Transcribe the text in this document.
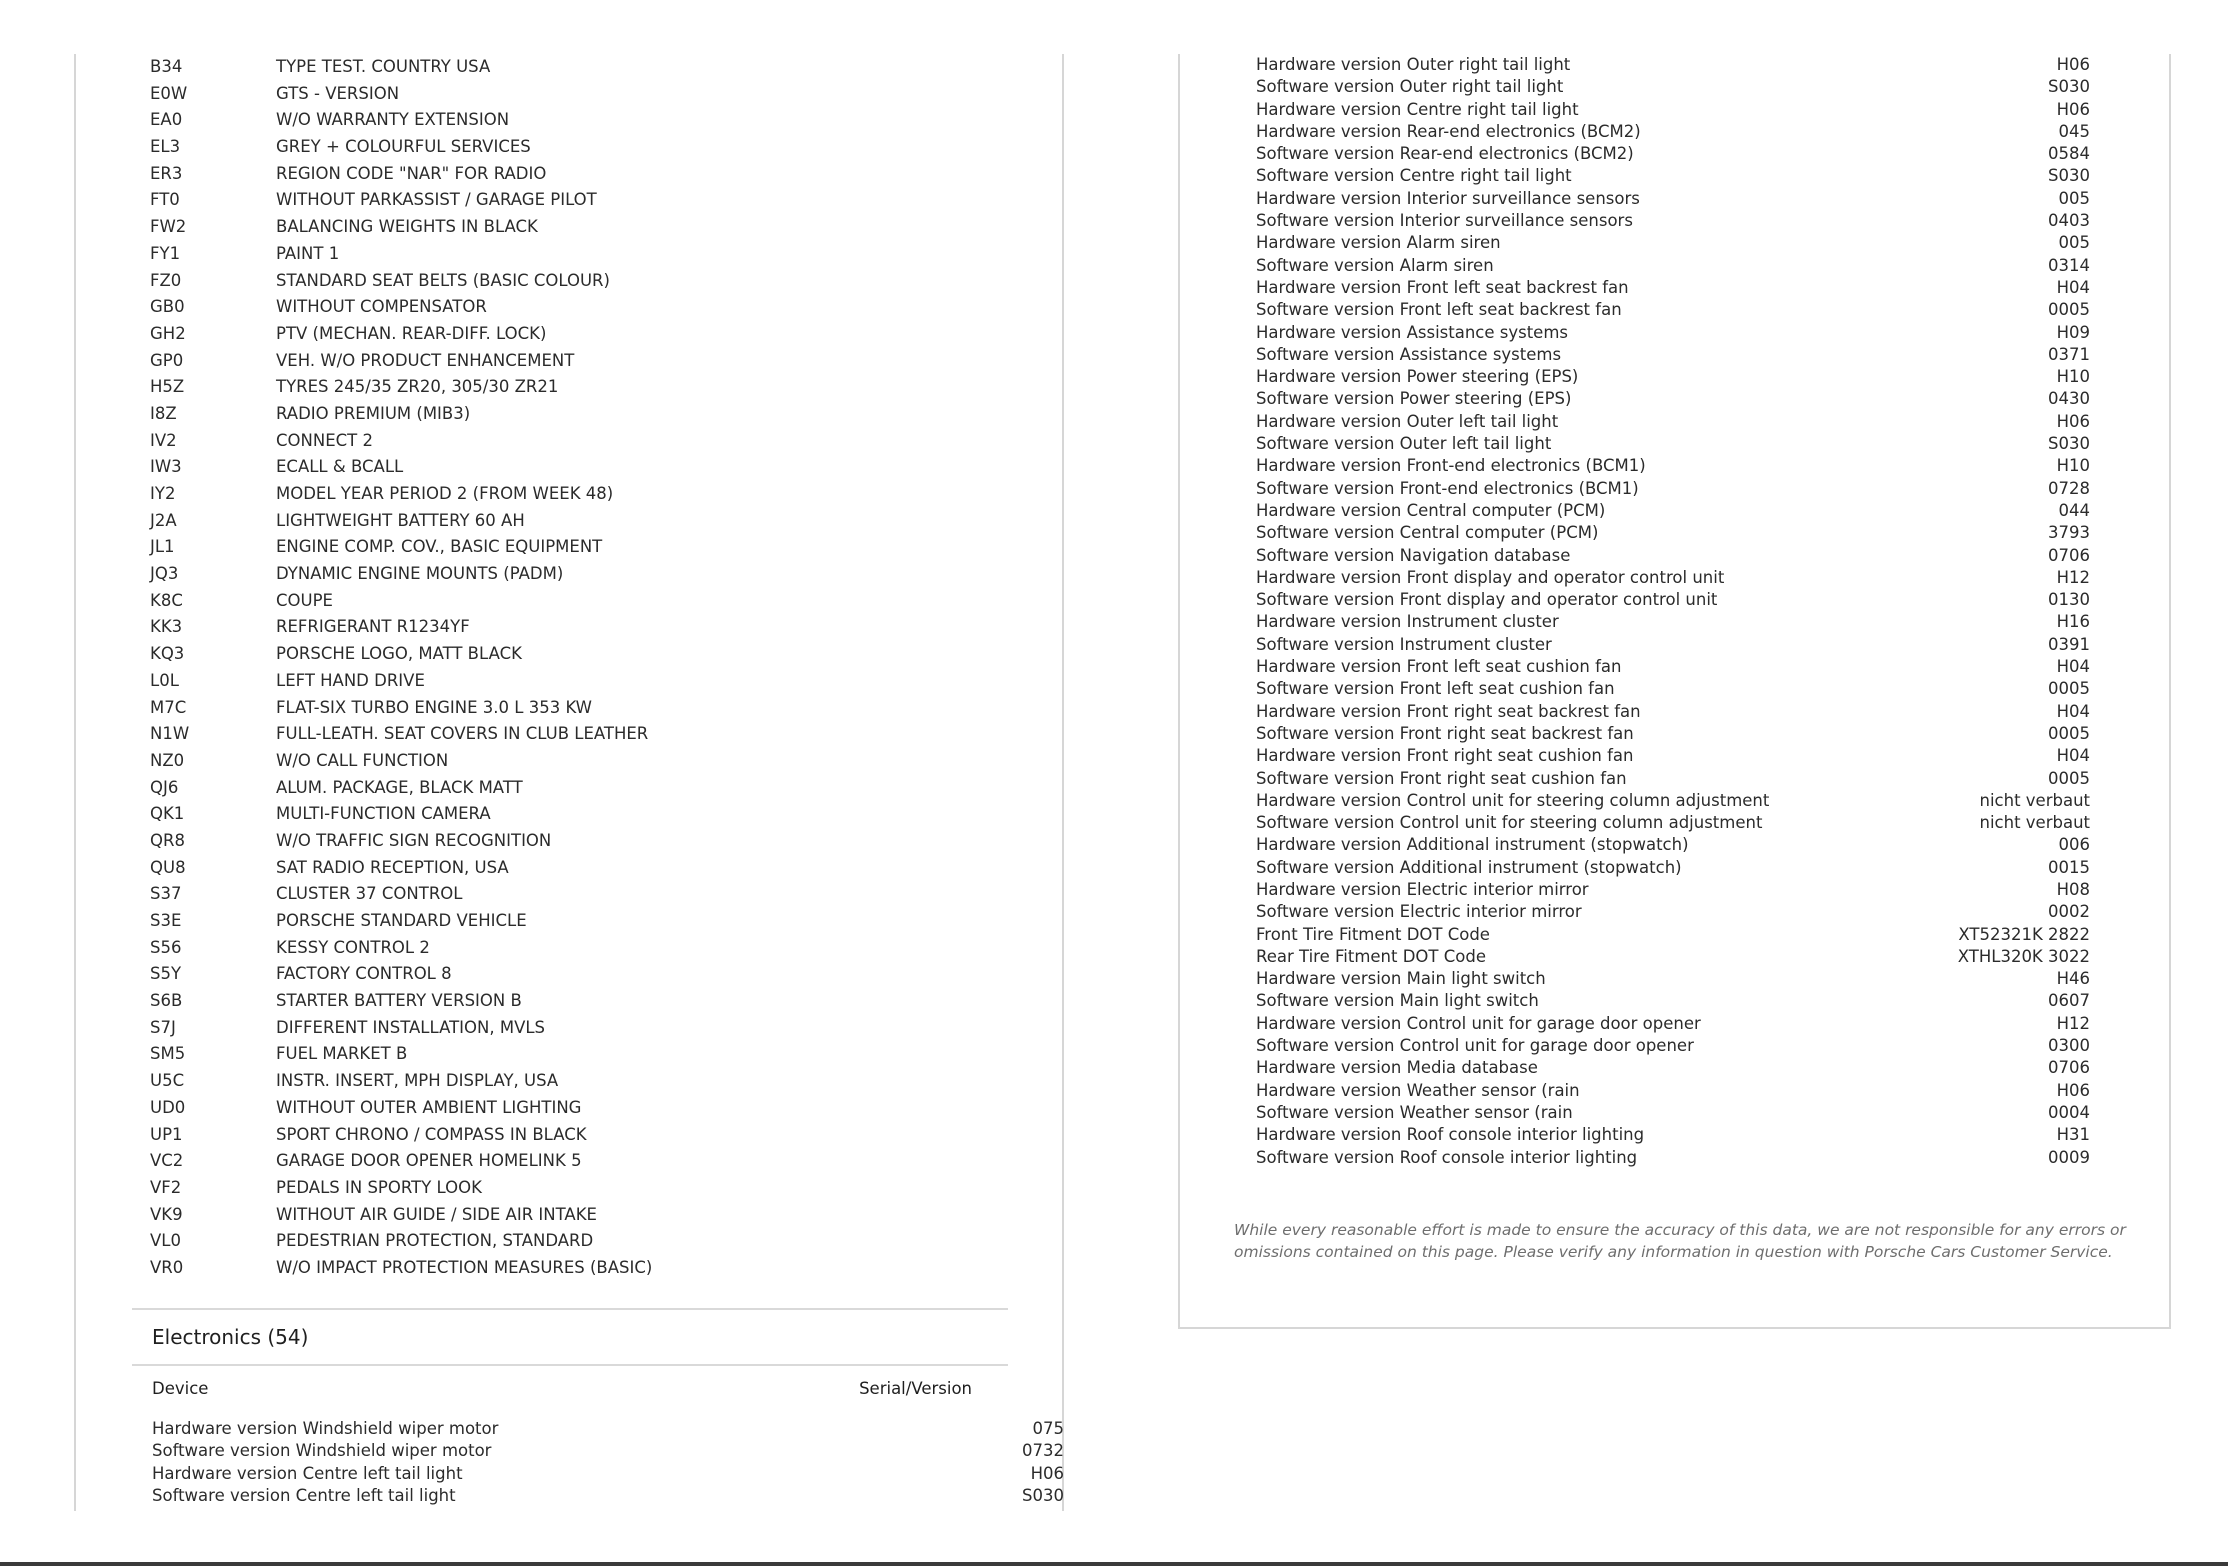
B34	TYPE TEST. COUNTRY USA
E0W	GTS - VERSION
EA0	W/O WARRANTY EXTENSION
EL3	GREY + COLOURFUL SERVICES
ER3	REGION CODE "NAR" FOR RADIO
FT0	WITHOUT PARKASSIST / GARAGE PILOT
FW2	BALANCING WEIGHTS IN BLACK
FY1	PAINT 1
FZ0	STANDARD SEAT BELTS (BASIC COLOUR)
GB0	WITHOUT COMPENSATOR
GH2	PTV (MECHAN. REAR-DIFF. LOCK)
GP0	VEH. W/O PRODUCT ENHANCEMENT
H5Z	TYRES 245/35 ZR20, 305/30 ZR21
I8Z	RADIO PREMIUM (MIB3)
IV2	CONNECT 2
IW3	ECALL & BCALL
IY2	MODEL YEAR PERIOD 2 (FROM WEEK 48)
J2A	LIGHTWEIGHT BATTERY 60 AH
JL1	ENGINE COMP. COV., BASIC EQUIPMENT
JQ3	DYNAMIC ENGINE MOUNTS (PADM)
K8C	COUPE
KK3	REFRIGERANT R1234YF
KQ3	PORSCHE LOGO, MATT BLACK
L0L	LEFT HAND DRIVE
M7C	FLAT-SIX TURBO ENGINE 3.0 L 353 KW
N1W	FULL-LEATH. SEAT COVERS IN CLUB LEATHER
NZ0	W/O CALL FUNCTION
QJ6	ALUM. PACKAGE, BLACK MATT
QK1	MULTI-FUNCTION CAMERA
QR8	W/O TRAFFIC SIGN RECOGNITION
QU8	SAT RADIO RECEPTION, USA
S37	CLUSTER 37 CONTROL
S3E	PORSCHE STANDARD VEHICLE
S56	KESSY CONTROL 2
S5Y	FACTORY CONTROL 8
S6B	STARTER BATTERY VERSION B
S7J	DIFFERENT INSTALLATION, MVLS
SM5	FUEL MARKET B
U5C	INSTR. INSERT, MPH DISPLAY, USA
UD0	WITHOUT OUTER AMBIENT LIGHTING
UP1	SPORT CHRONO / COMPASS IN BLACK
VC2	GARAGE DOOR OPENER HOMELINK 5
VF2	PEDALS IN SPORTY LOOK
VK9	WITHOUT AIR GUIDE / SIDE AIR INTAKE
VL0	PEDESTRIAN PROTECTION, STANDARD
VR0	W/O IMPACT PROTECTION MEASURES (BASIC)
Electronics (54)
Device	Serial/Version
Hardware version Windshield wiper motor	075
Software version Windshield wiper motor	0732
Hardware version Centre left tail light	H06
Software version Centre left tail light	S030
Hardware version Outer right tail light	H06
Software version Outer right tail light	S030
Hardware version Centre right tail light	H06
Hardware version Rear-end electronics (BCM2)	045
Software version Rear-end electronics (BCM2)	0584
Software version Centre right tail light	S030
Hardware version Interior surveillance sensors	005
Software version Interior surveillance sensors	0403
Hardware version Alarm siren	005
Software version Alarm siren	0314
Hardware version Front left seat backrest fan	H04
Software version Front left seat backrest fan	0005
Hardware version Assistance systems	H09
Software version Assistance systems	0371
Hardware version Power steering (EPS)	H10
Software version Power steering (EPS)	0430
Hardware version Outer left tail light	H06
Software version Outer left tail light	S030
Hardware version Front-end electronics (BCM1)	H10
Software version Front-end electronics (BCM1)	0728
Hardware version Central computer (PCM)	044
Software version Central computer (PCM)	3793
Software version Navigation database	0706
Hardware version Front display and operator control unit	H12
Software version Front display and operator control unit	0130
Hardware version Instrument cluster	H16
Software version Instrument cluster	0391
Hardware version Front left seat cushion fan	H04
Software version Front left seat cushion fan	0005
Hardware version Front right seat backrest fan	H04
Software version Front right seat backrest fan	0005
Hardware version Front right seat cushion fan	H04
Software version Front right seat cushion fan	0005
Hardware version Control unit for steering column adjustment	nicht verbaut
Software version Control unit for steering column adjustment	nicht verbaut
Hardware version Additional instrument (stopwatch)	006
Software version Additional instrument (stopwatch)	0015
Hardware version Electric interior mirror	H08
Software version Electric interior mirror	0002
Front Tire Fitment DOT Code	XT52321K 2822
Rear Tire Fitment DOT Code	XTHL320K 3022
Hardware version Main light switch	H46
Software version Main light switch	0607
Hardware version Control unit for garage door opener	H12
Software version Control unit for garage door opener	0300
Hardware version Media database	0706
Hardware version Weather sensor (rain	H06
Software version Weather sensor (rain	0004
Hardware version Roof console interior lighting	H31
Software version Roof console interior lighting	0009
While every reasonable effort is made to ensure the accuracy of this data, we are not responsible for any errors or omissions contained on this page. Please verify any information in question with Porsche Cars Customer Service.
